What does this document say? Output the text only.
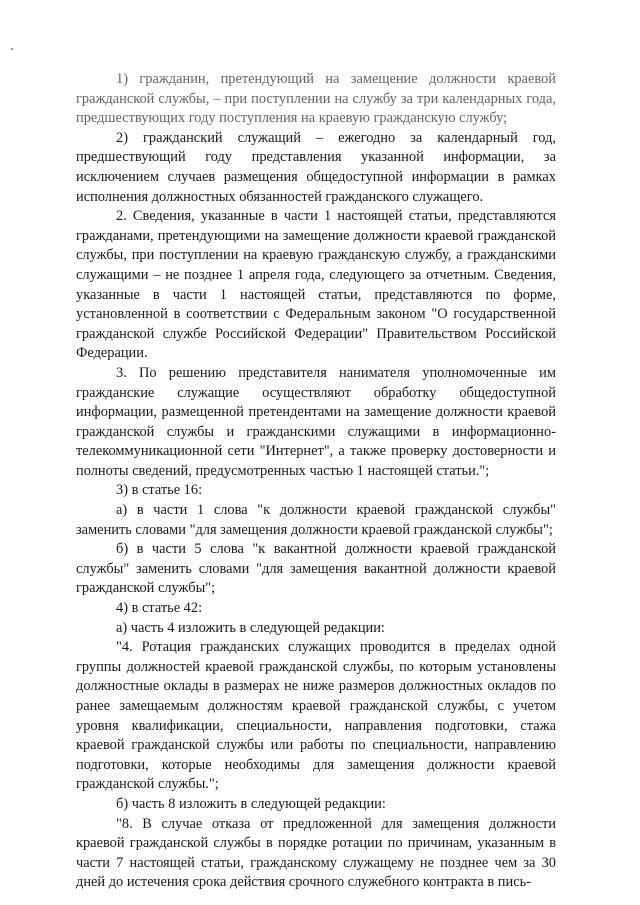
1) гражданин, претендующий на замещение должности краевой гражданской службы, – при поступлении на службу за три календарных года, предшествующих году поступления на краевую гражданскую службу;

2) гражданский служащий – ежегодно за календарный год, предшествующий году представления указанной информации, за исключением случаев размещения общедоступной информации в рамках исполнения должностных обязанностей гражданского служащего.

2. Сведения, указанные в части 1 настоящей статьи, представляются гражданами, претендующими на замещение должности краевой гражданской службы, при поступлении на краевую гражданскую службу, а гражданскими служащими – не позднее 1 апреля года, следующего за отчетным. Сведения, указанные в части 1 настоящей статьи, представляются по форме, установленной в соответствии с Федеральным законом "О государственной гражданской службе Российской Федерации" Правительством Российской Федерации.

3. По решению представителя нанимателя уполномоченные им гражданские служащие осуществляют обработку общедоступной информации, размещенной претендентами на замещение должности краевой гражданской службы и гражданскими служащими в информационно-телекоммуникационной сети "Интернет", а также проверку достоверности и полноты сведений, предусмотренных частью 1 настоящей статьи.";

3) в статье 16:

а) в части 1 слова "к должности краевой гражданской службы" заменить словами "для замещения должности краевой гражданской службы";

б) в части 5 слова "к вакантной должности краевой гражданской службы" заменить словами "для замещения вакантной должности краевой гражданской службы";

4) в статье 42:

а) часть 4 изложить в следующей редакции:

"4. Ротация гражданских служащих проводится в пределах одной группы должностей краевой гражданской службы, по которым установлены должностные оклады в размерах не ниже размеров должностных окладов по ранее замещаемым должностям краевой гражданской службы, с учетом уровня квалификации, специальности, направления подготовки, стажа краевой гражданской службы или работы по специальности, направлению подготовки, которые необходимы для замещения должности краевой гражданской службы.";

б) часть 8 изложить в следующей редакции:

"8. В случае отказа от предложенной для замещения должности краевой гражданской службы в порядке ротации по причинам, указанным в части 7 настоящей статьи, гражданскому служащему не позднее чем за 30 дней до истечения срока действия срочного служебного контракта в пись-
